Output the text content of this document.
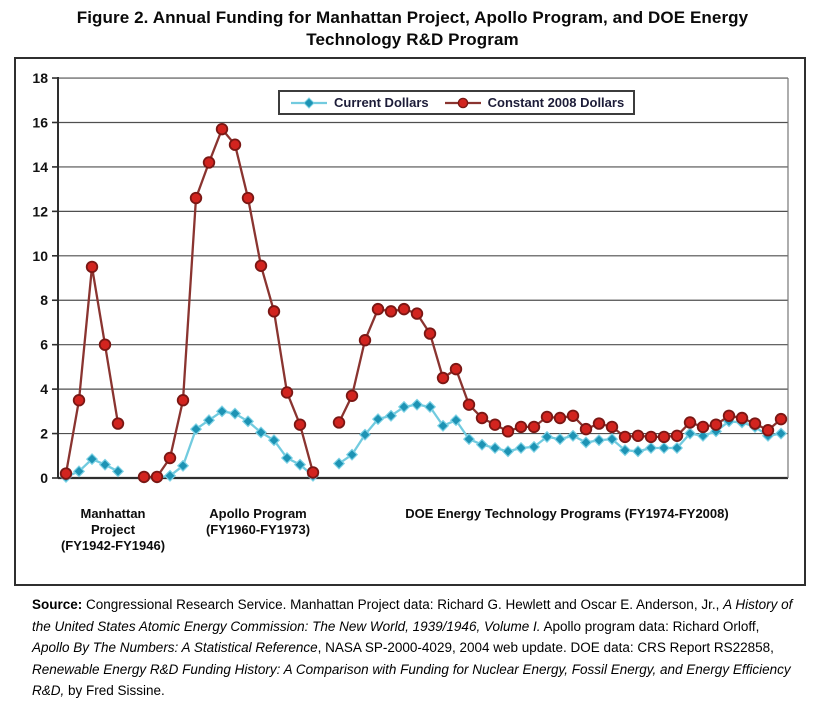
Figure 2. Annual Funding for Manhattan Project, Apollo Program, and DOE Energy Technology R&D Program
0
2
4
6
8
10
12
14
16
18
Current Dollars	Constant 2008 Dollars
Manhattan
Project
(FY1942-FY1946)
Apollo Program
(FY1960-FY1973)
DOE Energy Technology Programs (FY1974-FY2008)

Source: Congressional Research Service. Manhattan Project data: Richard G. Hewlett and Oscar E. Anderson, Jr., A History of the United States Atomic Energy Commission: The New World, 1939/1946, Volume I. Apollo program data: Richard Orloff, Apollo By The Numbers: A Statistical Reference, NASA SP-2000-4029, 2004 web update. DOE data: CRS Report RS22858, Renewable Energy R&D Funding History: A Comparison with Funding for Nuclear Energy, Fossil Energy, and Energy Efficiency R&D, by Fred Sissine.
